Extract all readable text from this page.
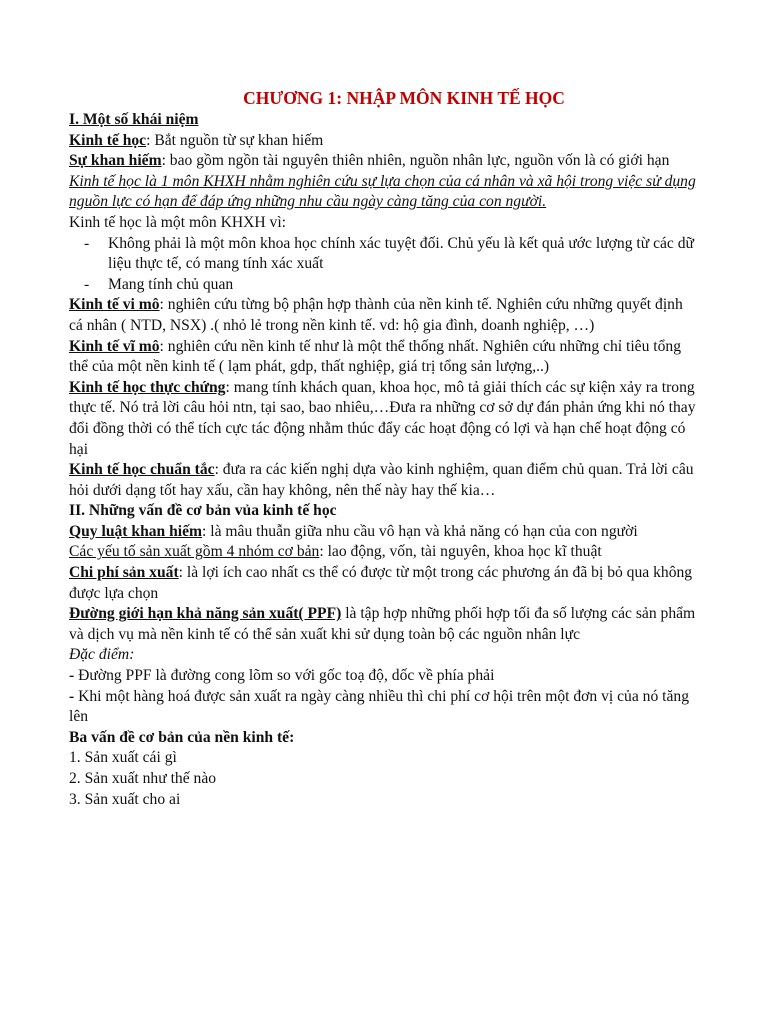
CHƯƠNG 1: NHẬP MÔN KINH TẾ HỌC

I. Một số khái niệm

Kinh tế học: Bắt nguồn từ sự khan hiếm

Sự khan hiếm: bao gồm ngồn tài nguyên thiên nhiên, nguồn nhân lực, nguồn vốn là có giới hạn

Kinh tế học là 1 môn KHXH nhằm nghiên cứu sự lựa chọn của cá nhân và xã hội trong việc sử dụng nguồn lực có hạn để đáp ứng những nhu cầu ngày càng tăng của con người.

Kinh tế học là một môn KHXH vì:

- Không phải là một môn khoa học chính xác tuyệt đối. Chủ yếu là kết quả ước lượng từ các dữ liệu thực tế, có mang tính xác xuất
- Mang tính chủ quan

Kinh tế vi mô: nghiên cứu từng bộ phận hợp thành của nền kinh tế. Nghiên cứu những quyết định cá nhân ( NTD, NSX) .( nhỏ lẻ trong nền kinh tế. vd: hộ gia đình, doanh nghiệp, …)

Kinh tế vĩ mô: nghiên cứu nền kinh tế như là một thể thống nhất. Nghiên cứu những chỉ tiêu tổng thể của một nền kinh tế ( lạm phát, gdp, thất nghiệp, giá trị tổng sản lượng,..)

Kinh tế học thực chứng: mang tính khách quan, khoa học, mô tả giải thích các sự kiện xảy ra trong thực tế. Nó trả lời câu hỏi ntn, tại sao, bao nhiêu,…Đưa ra những cơ sở dự đán phản ứng khi nó thay đổi đồng thời có thể tích cực tác động nhằm thúc đẩy các hoạt động có lợi và hạn chế hoạt động có hại

Kinh tế học chuẩn tắc: đưa ra các kiến nghị dựa vào kinh nghiệm, quan điểm chủ quan. Trả lời câu hỏi dưới dạng tốt hay xấu, cần hay không, nên thế này hay thế kia…

II. Những vấn đề cơ bản vủa kinh tế học

Quy luật khan hiếm: là mâu thuẫn giữa nhu cầu vô hạn và khả năng có hạn của con người

Các yếu tố sản xuất gồm 4 nhóm cơ bản: lao động, vốn, tài nguyên, khoa học kĩ thuật

Chi phí sản xuất: là lợi ích cao nhất cs thể có được từ một trong các phương án đã bị bỏ qua không được lựa chọn

Đường giới hạn khả năng sản xuất( PPF) là tập hợp những phối hợp tối đa số lượng các sản phẩm và dịch vụ mà nền kinh tế có thể sản xuất khi sử dụng toàn bộ các nguồn nhân lực

Đặc điểm:

- Đường PPF là đường cong lõm so với gốc toạ độ, dốc về phía phải

- Khi một hàng hoá được sản xuất ra ngày càng nhiều thì chi phí cơ hội trên một đơn vị của nó tăng lên

Ba vấn đề cơ bản của nền kinh tế:

1. Sản xuất cái gì

2. Sản xuất như thế nào

3. Sản xuất cho ai
